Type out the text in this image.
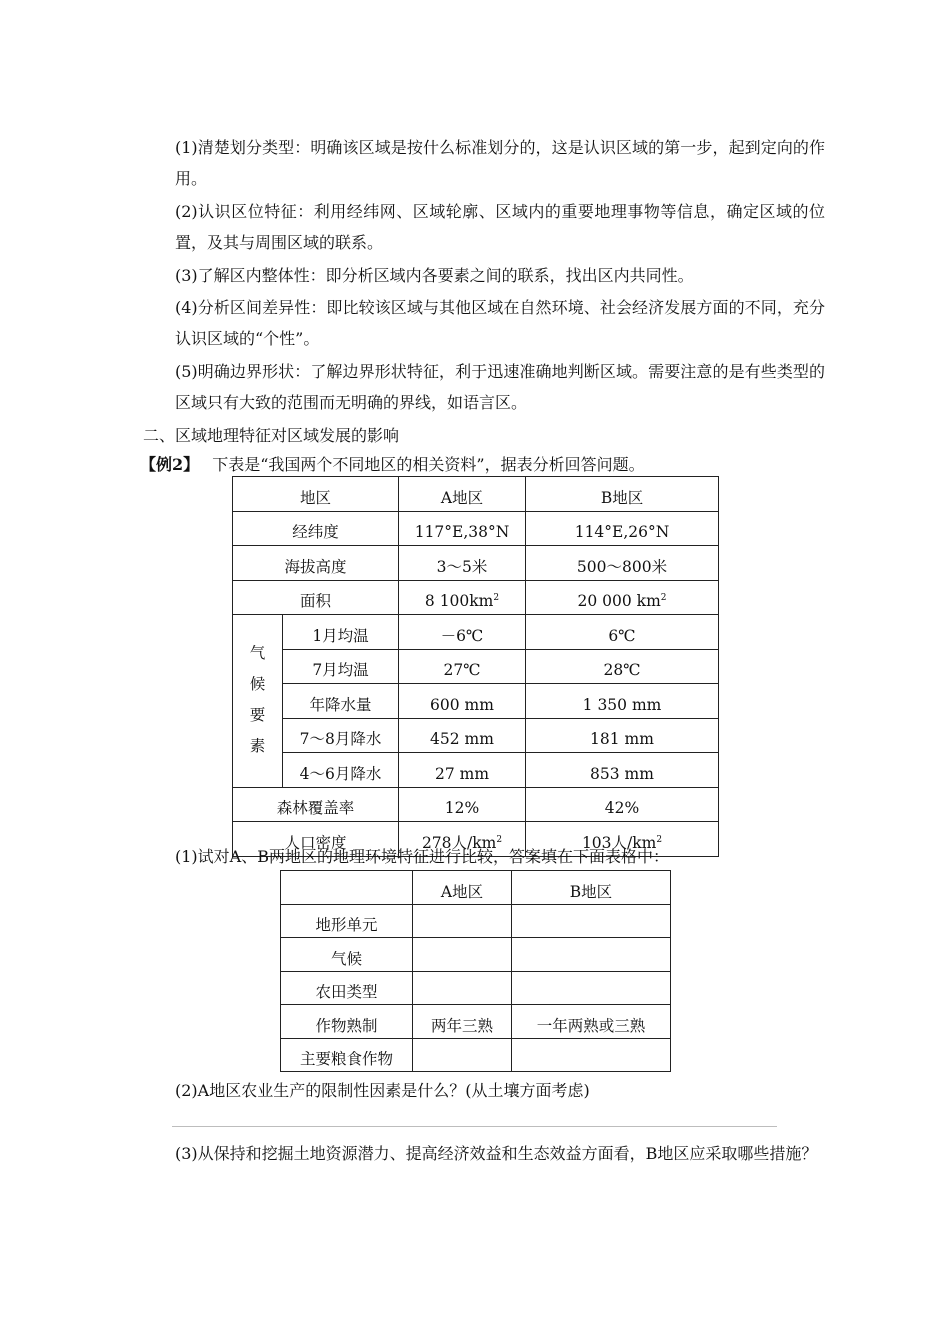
(1)清楚划分类型：明确该区域是按什么标准划分的，这是认识区域的第一步，起到定向的作用。

(2)认识区位特征：利用经纬网、区域轮廓、区域内的重要地理事物等信息，确定区域的位置，及其与周围区域的联系。

(3)了解区内整体性：即分析区域内各要素之间的联系，找出区内共同性。

(4)分析区间差异性：即比较该区域与其他区域在自然环境、社会经济发展方面的不同，充分认识区域的“个性”。

(5)明确边界形状：了解边界形状特征，利于迅速准确地判断区域。需要注意的是有些类型的区域只有大致的范围而无明确的界线，如语言区。

二、区域地理特征对区域发展的影响

【例2】 下表是“我国两个不同地区的相关资料”，据表分析回答问题。

地区		A地区	B地区
经纬度		117°E,38°N	114°E,26°N
海拔高度		3～5米	500～800米
面积		8 $100km^2$	20 000 $km^2$

气
候
要
素	1月均温	－6℃	6℃
	7月均温	27℃	28℃
	年降水量	600 mm	1 350 mm
	7～8月降水	452 mm	181 mm
	4～6月降水	27 mm	853 mm
森林覆盖率		12%	42%
人口密度		278人$/km^2$	103人$/km^2$

(1)试对A、B两地区的地理环境特征进行比较，答案填在下面表格中：

	A地区	B地区
地形单元		
气候		
农田类型		
作物熟制	两年三熟	一年两熟或三熟
主要粮食作物		

(2)A地区农业生产的限制性因素是什么？(从土壤方面考虑)

(3)从保持和挖掘土地资源潜力、提高经济效益和生态效益方面看，B地区应采取哪些措施？
